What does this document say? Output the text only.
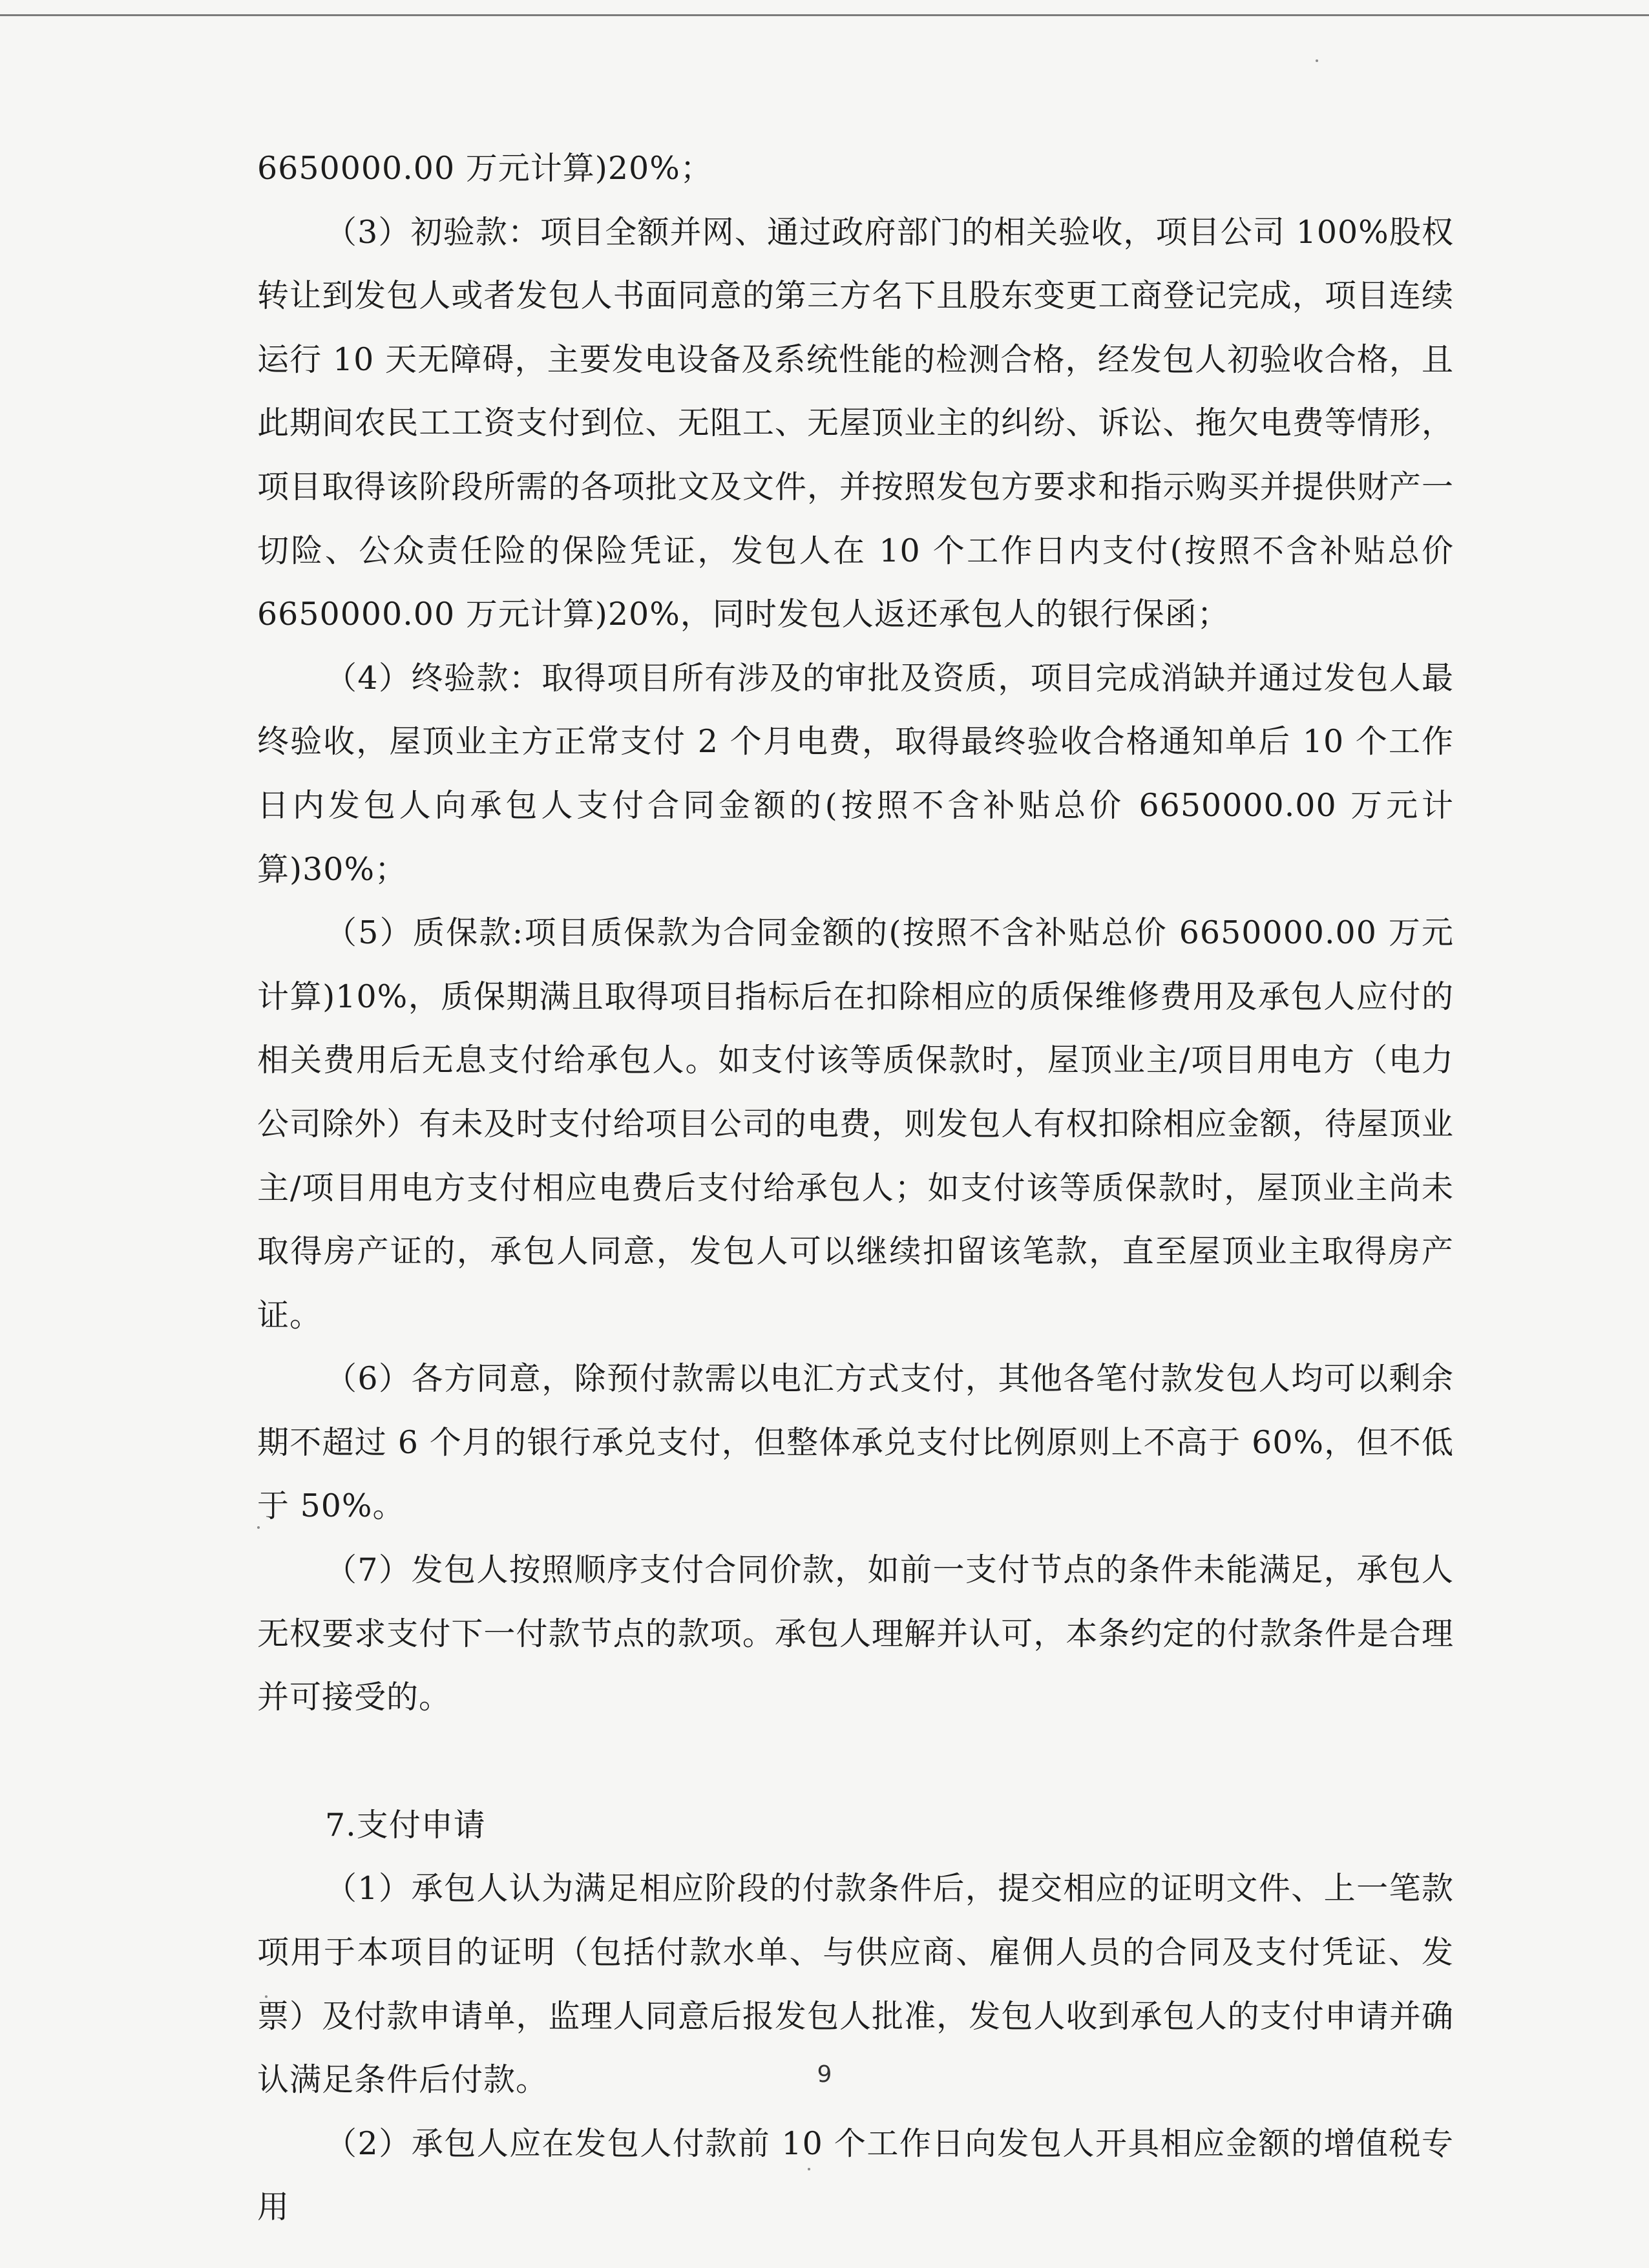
6650000.00 万元计算)20%；

（3）初验款：项目全额并网、通过政府部门的相关验收，项目公司 100%股权转让到发包人或者发包人书面同意的第三方名下且股东变更工商登记完成，项目连续运行 10 天无障碍，主要发电设备及系统性能的检测合格，经发包人初验收合格，且此期间农民工工资支付到位、无阻工、无屋顶业主的纠纷、诉讼、拖欠电费等情形，项目取得该阶段所需的各项批文及文件，并按照发包方要求和指示购买并提供财产一切险、公众责任险的保险凭证，发包人在 10 个工作日内支付(按照不含补贴总价 6650000.00 万元计算)20%，同时发包人返还承包人的银行保函；

（4）终验款：取得项目所有涉及的审批及资质，项目完成消缺并通过发包人最终验收，屋顶业主方正常支付 2 个月电费，取得最终验收合格通知单后 10 个工作日内发包人向承包人支付合同金额的(按照不含补贴总价 6650000.00 万元计算)30%；

（5）质保款:项目质保款为合同金额的(按照不含补贴总价 6650000.00 万元计算)10%，质保期满且取得项目指标后在扣除相应的质保维修费用及承包人应付的相关费用后无息支付给承包人。如支付该等质保款时，屋顶业主/项目用电方（电力公司除外）有未及时支付给项目公司的电费，则发包人有权扣除相应金额，待屋顶业主/项目用电方支付相应电费后支付给承包人；如支付该等质保款时，屋顶业主尚未取得房产证的，承包人同意，发包人可以继续扣留该笔款，直至屋顶业主取得房产证。

（6）各方同意，除预付款需以电汇方式支付，其他各笔付款发包人均可以剩余期不超过 6 个月的银行承兑支付，但整体承兑支付比例原则上不高于 60%，但不低于 50%。

（7）发包人按照顺序支付合同价款，如前一支付节点的条件未能满足，承包人无权要求支付下一付款节点的款项。承包人理解并认可，本条约定的付款条件是合理并可接受的。

7.支付申请

（1）承包人认为满足相应阶段的付款条件后，提交相应的证明文件、上一笔款项用于本项目的证明（包括付款水单、与供应商、雇佣人员的合同及支付凭证、发票）及付款申请单，监理人同意后报发包人批准，发包人收到承包人的支付申请并确认满足条件后付款。

（2）承包人应在发包人付款前 10 个工作日向发包人开具相应金额的增值税专用

9
